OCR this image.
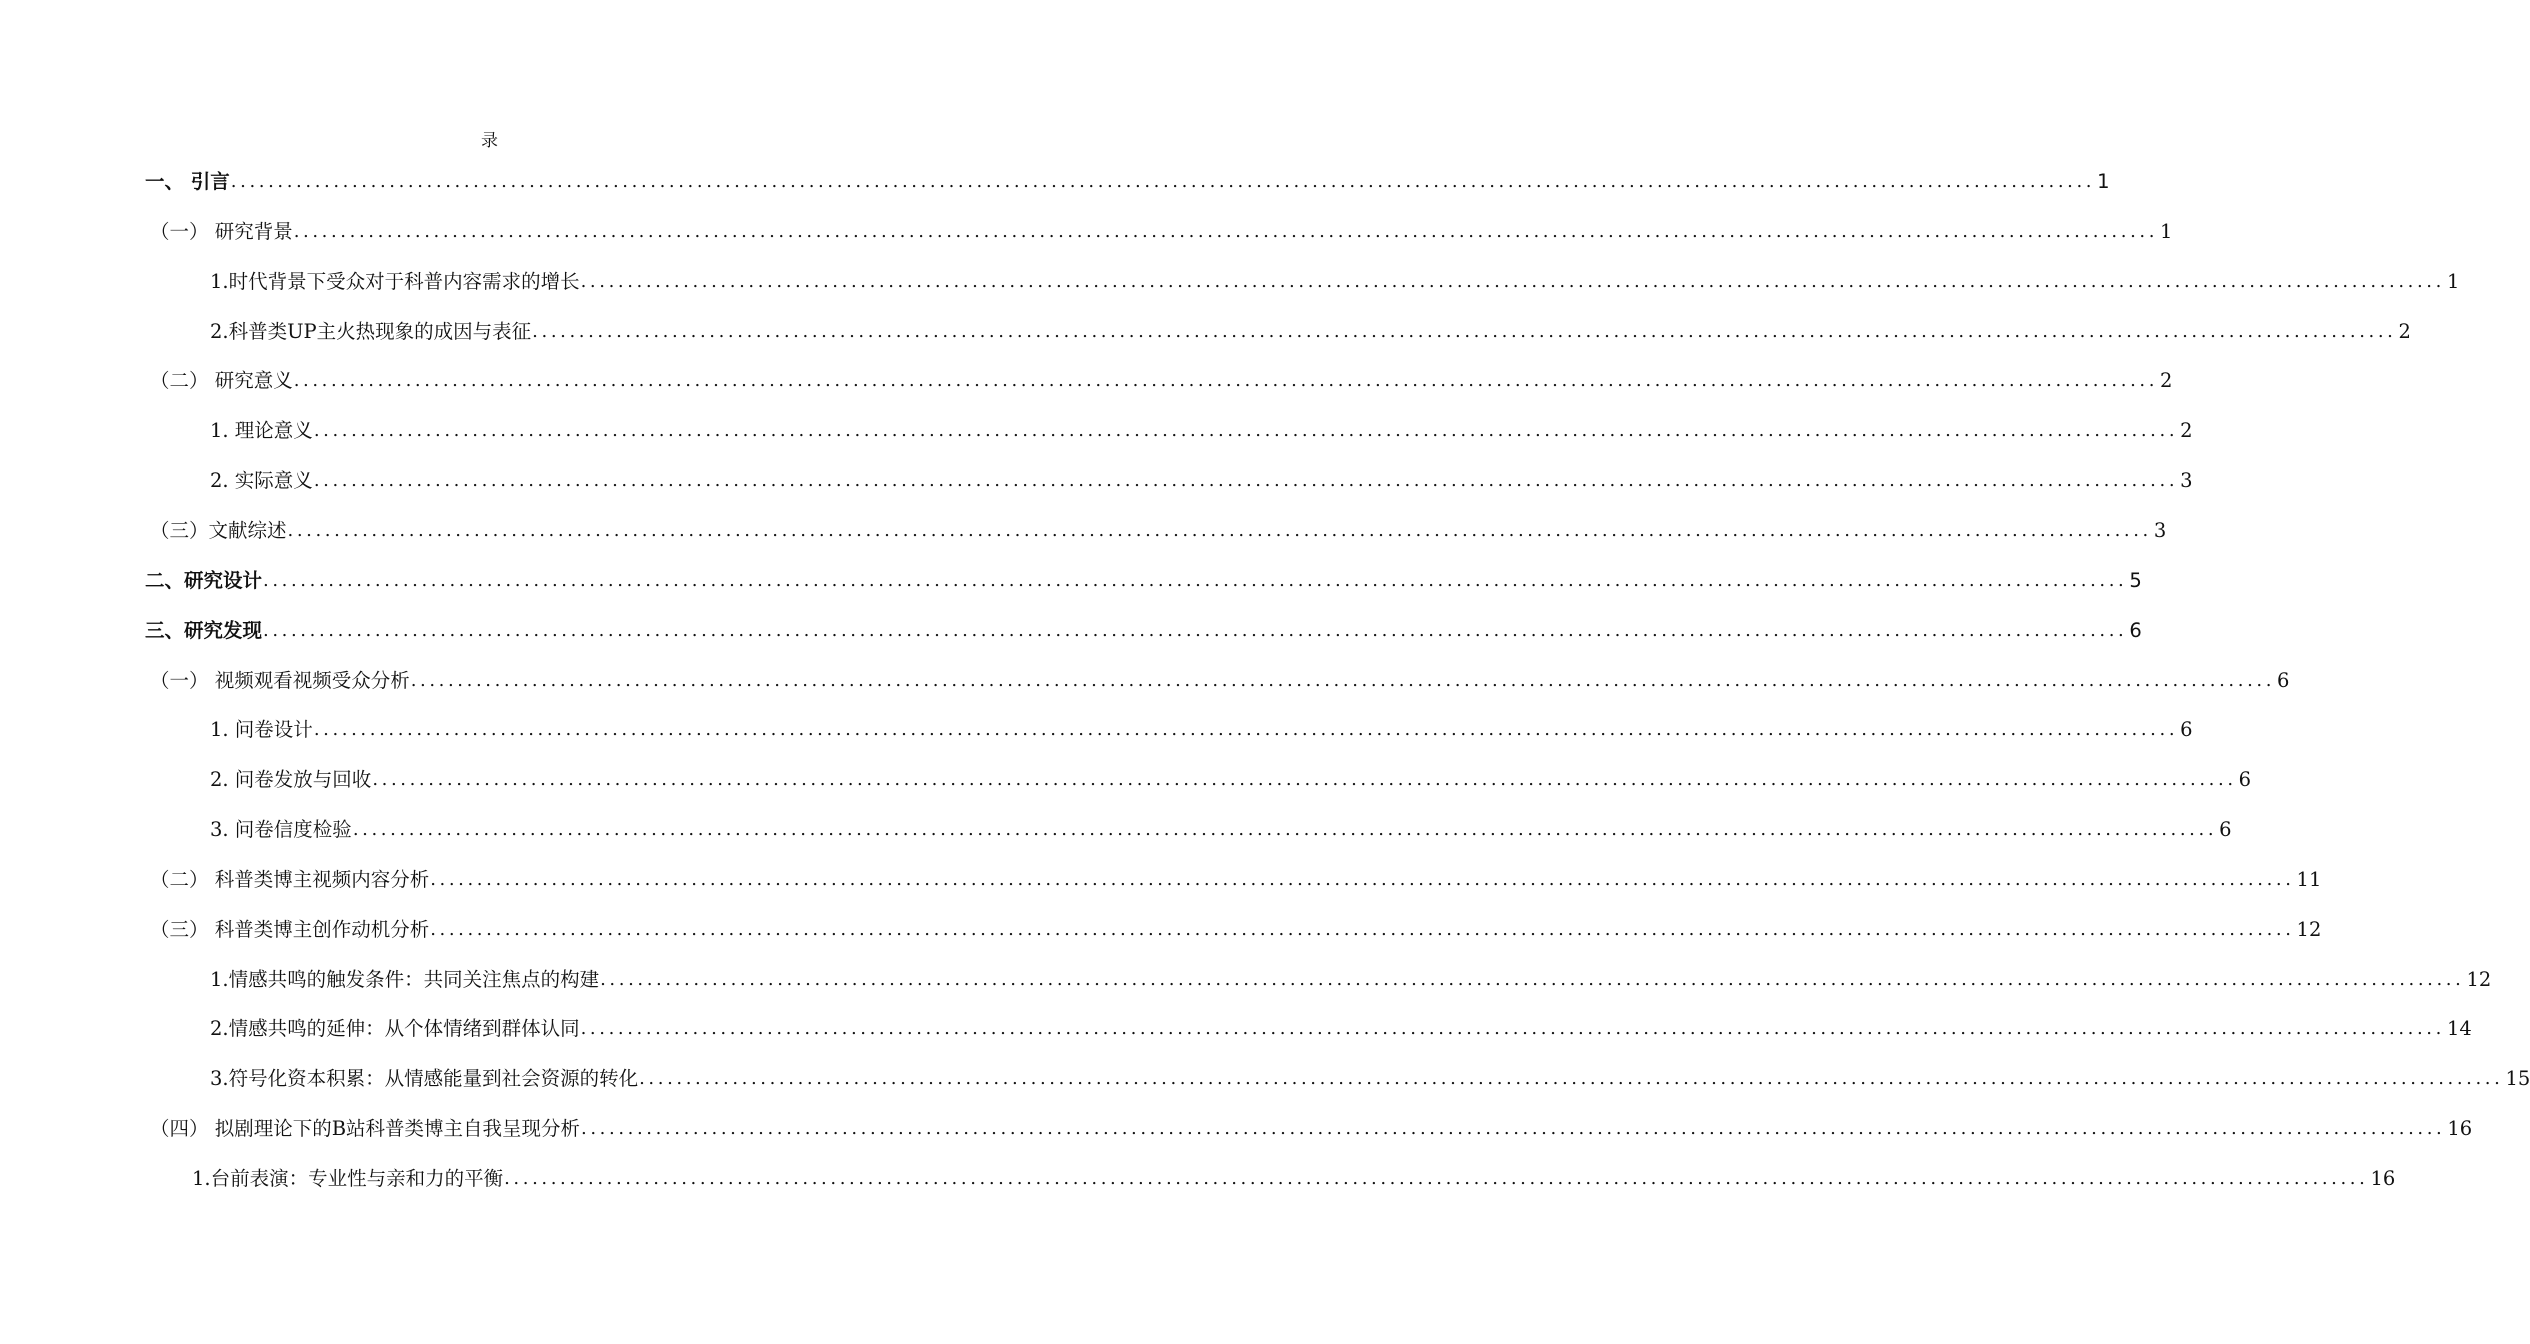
录
一、 引言 ........................................................................................................................................................................................................ 1
（一） 研究背景 ........................................................................................................................................................................................................ 1
1.时代背景下受众对于科普内容需求的增长 ........................................................................................................................................................................................................ 1
2.科普类UP主火热现象的成因与表征 ........................................................................................................................................................................................................ 2
（二） 研究意义 ........................................................................................................................................................................................................ 2
1. 理论意义 ........................................................................................................................................................................................................ 2
2. 实际意义 ........................................................................................................................................................................................................ 3
（三）文献综述 ........................................................................................................................................................................................................ 3
二、研究设计 ........................................................................................................................................................................................................ 5
三、研究发现 ........................................................................................................................................................................................................ 6
（一） 视频观看视频受众分析 ........................................................................................................................................................................................................ 6
1. 问卷设计 ........................................................................................................................................................................................................ 6
2. 问卷发放与回收 ........................................................................................................................................................................................................ 6
3. 问卷信度检验 ........................................................................................................................................................................................................ 6
（二） 科普类博主视频内容分析 ........................................................................................................................................................................................................ 11
（三） 科普类博主创作动机分析 ........................................................................................................................................................................................................ 12
1.情感共鸣的触发条件：共同关注焦点的构建 ........................................................................................................................................................................................................ 12
2.情感共鸣的延伸：从个体情绪到群体认同 ........................................................................................................................................................................................................ 14
3.符号化资本积累：从情感能量到社会资源的转化 ........................................................................................................................................................................................................ 15
（四） 拟剧理论下的B站科普类博主自我呈现分析 ........................................................................................................................................................................................................ 16
1.台前表演：专业性与亲和力的平衡 ........................................................................................................................................................................................................ 16
